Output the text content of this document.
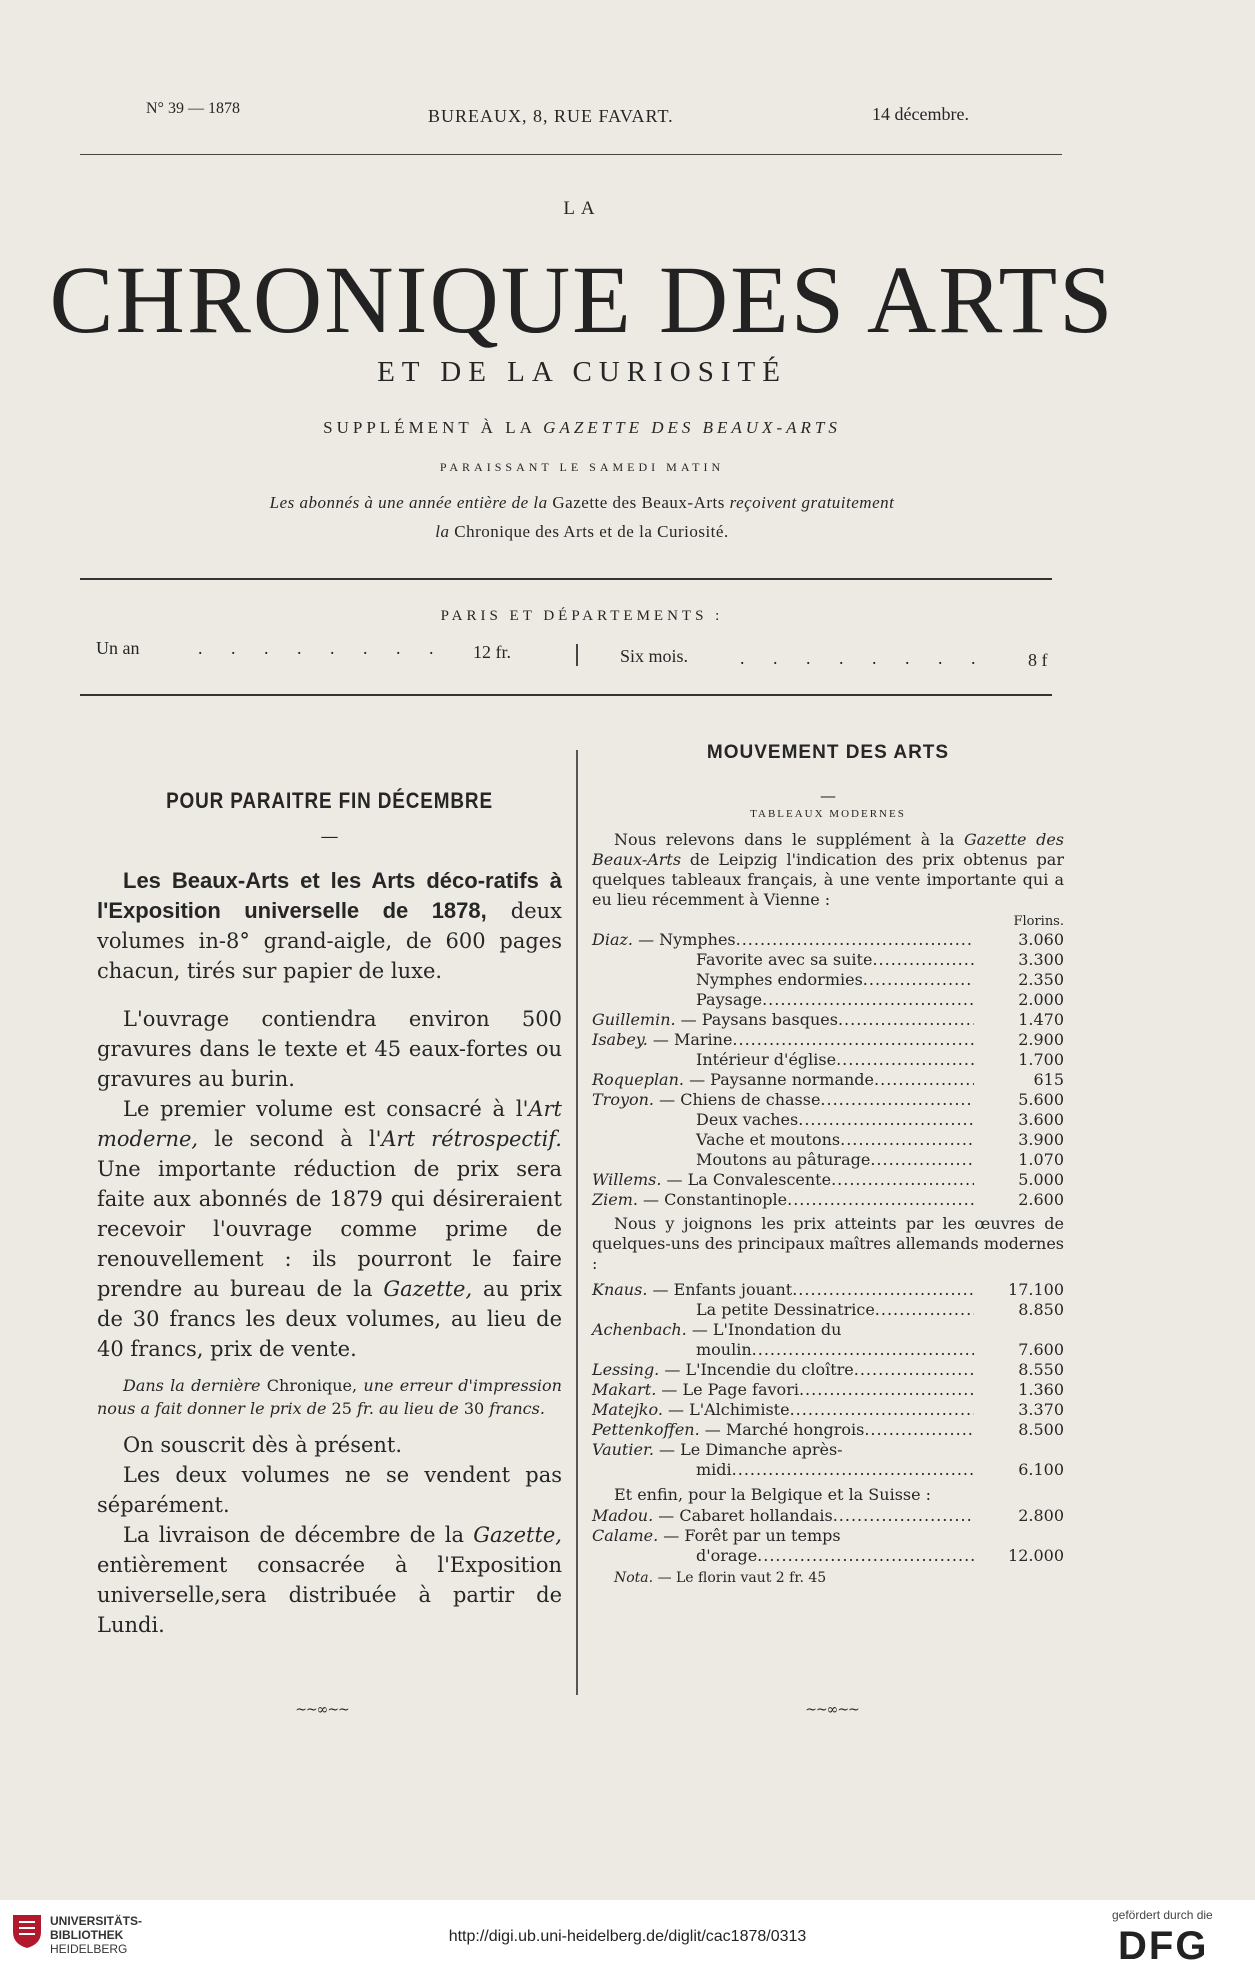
N° 39 — 1878	BUREAUX, 8, RUE FAVART.	14 décembre.
LA
CHRONIQUE DES ARTS
ET DE LA CURIOSITÉ
SUPPLÉMENT À LA GAZETTE DES BEAUX-ARTS
PARAISSANT LE SAMEDI MATIN
Les abonnés à une année entière de la Gazette des Beaux-Arts reçoivent gratuitement
la Chronique des Arts et de la Curiosité.
PARIS ET DÉPARTEMENTS :
Un an	. . . . . . . . 12 fr.	Six mois.	. . . . . . . . 8 f
POUR PARAITRE FIN DÉCEMBRE
—

Les Beaux-Arts et les Arts déco-ratifs à l'Exposition universelle de 1878, deux volumes in-8° grand-aigle, de 600 pages chacun, tirés sur papier de luxe.

L'ouvrage contiendra environ 500 gravures dans le texte et 45 eaux-fortes ou gravures au burin.

Le premier volume est consacré à l'Art moderne, le second à l'Art rétrospectif. Une importante réduction de prix sera faite aux abonnés de 1879 qui désireraient recevoir l'ouvrage comme prime de renouvellement : ils pourront le faire prendre au bureau de la Gazette, au prix de 30 francs les deux volumes, au lieu de 40 francs, prix de vente.

Dans la dernière Chronique, une erreur d'impression nous a fait donner le prix de 25 fr. au lieu de 30 francs.

On souscrit dès à présent.

Les deux volumes ne se vendent pas séparément.

La livraison de décembre de la Gazette, entièrement consacrée à l'Exposition universelle,sera distribuée à partir de Lundi.

~~∞~~
MOUVEMENT DES ARTS
—
TABLEAUX MODERNES
Nous relevons dans le supplément à la Gazette des Beaux-Arts de Leipzig l'indication des prix obtenus par quelques tableaux français, à une vente importante qui a eu lieu récemment à Vienne :
Florins.
Diaz. — Nymphes .....	3.060
Favorite avec sa suite .....	3.300
Nymphes endormies .....	2.350
Paysage .....	2.000
Guillemin. — Paysans basques .....	1.470
Isabey. — Marine .....	2.900
Intérieur d'église .....	1.700
Roqueplan. — Paysanne normande .....	615
Troyon. — Chiens de chasse .....	5.600
Deux vaches .....	3.600
Vache et moutons .....	3.900
Moutons au pâturage .....	1.070
Willems. — La Convalescente .....	5.000
Ziem. — Constantinople .....	2.600
Nous y joignons les prix atteints par les œuvres de quelques-uns des principaux maîtres allemands modernes :
Knaus. — Enfants jouant .....	17.100
La petite Dessinatrice .....	8.850
Achenbach. — L'Inondation du
moulin .....	7.600
Lessing. — L'Incendie du cloître .....	8.550
Makart. — Le Page favori .....	1.360
Matejko. — L'Alchimiste .....	3.370
Pettenkoffen. — Marché hongrois .....	8.500
Vautier. — Le Dimanche après-
midi .....	6.100
Et enfin, pour la Belgique et la Suisse :
Madou. — Cabaret hollandais .....	2.800
Calame. — Forêt par un temps
d'orage .....	12.000
Nota. — Le florin vaut 2 fr. 45
~~∞~~
UNIVERSITÄTS-
BIBLIOTHEK
HEIDELBERG
http://digi.ub.uni-heidelberg.de/diglit/cac1878/0313
gefördert durch die
DFG
